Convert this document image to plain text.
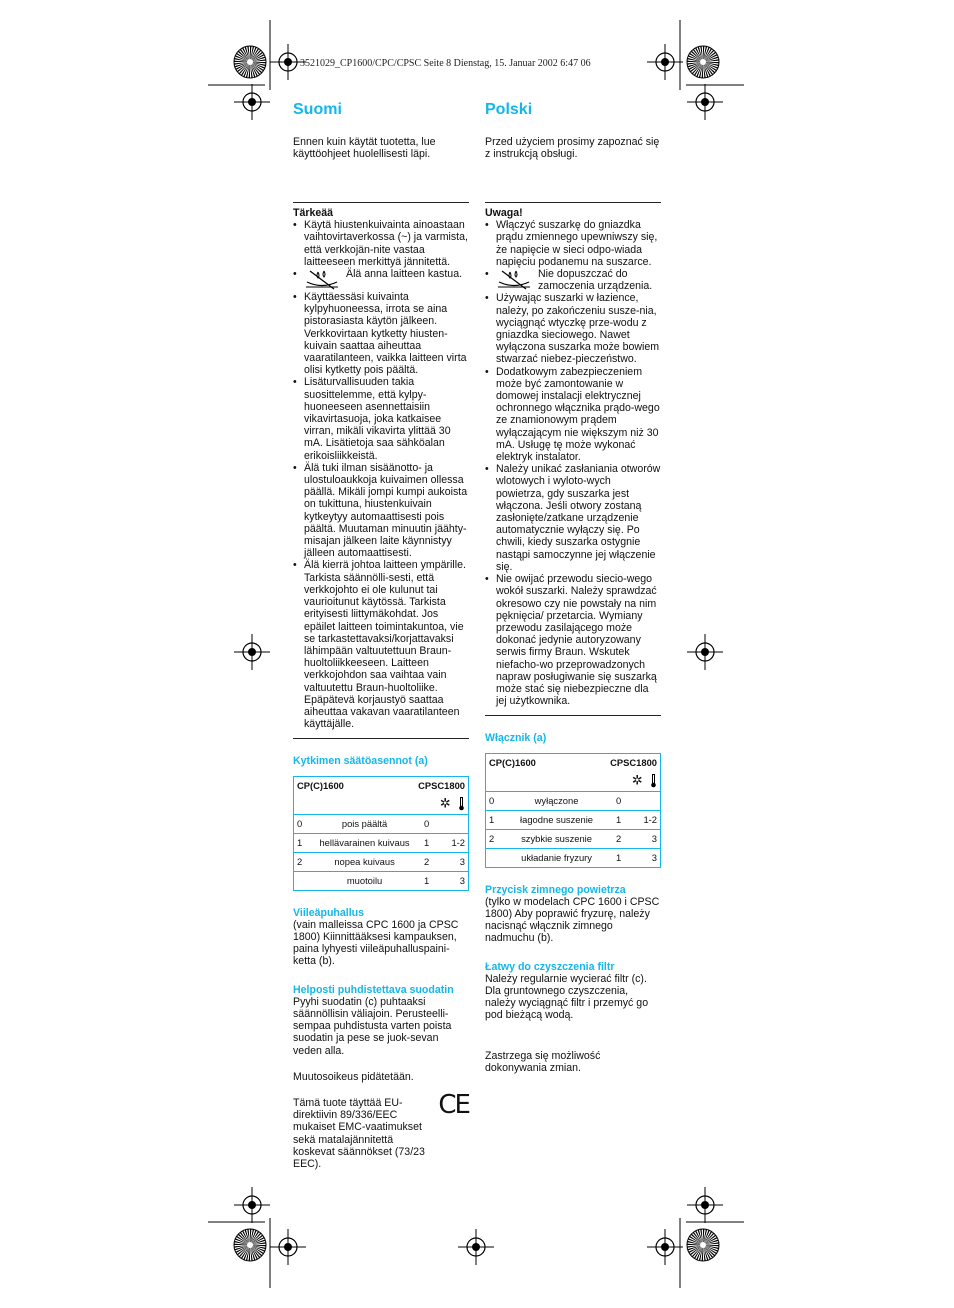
3521029_CP1600/CPC/CPSC Seite 8 Dienstag, 15. Januar 2002 6:47 06
Suomi

Ennen kuin käytät tuotetta, lue käyttöohjeet huolellisesti läpi.

Tärkeää

• Käytä hiustenkuivainta ainoastaan vaihtovirtaverkossa (~) ja varmista, että verkkojän-nite vastaa laitteeseen merkittyä jännitettä.
• Älä anna laitteen kastua.
• Käyttäessäsi kuivainta kylpyhuoneessa, irrota se aina pistorasiasta käytön jälkeen. Verkkovirtaan kytketty hiusten-kuivain saattaa aiheuttaa vaaratilanteen, vaikka laitteen virta olisi kytketty pois päältä.
• Lisäturvallisuuden takia suosittelemme, että kylpy-huoneeseen asennettaisiin vikavirtasuoja, joka katkaisee virran, mikäli vikavirta ylittää 30 mA. Lisätietoja saa sähköalan erikoisliikkeistä.
• Älä tuki ilman sisäänotto- ja ulostuloaukkoja kuivaimen ollessa päällä. Mikäli jompi kumpi aukoista on tukittuna, hiustenkuivain kytkeytyy automaattisesti pois päältä. Muutaman minuutin jäähty-misajan jälkeen laite käynnistyy jälleen automaattisesti.
• Älä kierrä johtoa laitteen ympärille. Tarkista säännölli-sesti, että verkkojohto ei ole kulunut tai vaurioitunut käytössä. Tarkista erityisesti liittymäkohdat. Jos epäilet laitteen toimintakuntoa, vie se tarkastettavaksi/korjattavaksi lähimpään valtuutettuun Braun-huoltoliikkeeseen. Laitteen verkkojohdon saa vaihtaa vain valtuutettu Braun-huoltoliike. Epäpätevä korjaustyö saattaa aiheuttaa vakavan vaaratilanteen käyttäjälle.

Kytkimen säätöasennot (a)

CP(C)1600		CPSC1800	
		✲	
0	pois päältä	0	
1	hellävarainen kuivaus	1	1-2
2	nopea kuivaus	2	3
	muotoilu	1	3

Viileäpuhallus

(vain malleissa CPC 1600 ja CPSC 1800) Kiinnittääksesi kampauksen, paina lyhyesti viileäpuhalluspaini-ketta (b).

Helposti puhdistettava suodatin

Pyyhi suodatin (c) puhtaaksi säännöllisin väliajoin. Perusteelli-sempaa puhdistusta varten poista suodatin ja pese se juok-sevan veden alla.

Muutosoikeus pidätetään.

Tämä tuote täyttää EU-direktiivin 89/336/EEC mukaiset EMC-vaatimukset sekä matalajännitettä koskevat säännökset (73/23 EEC).

CE
Polski

Przed użyciem prosimy zapoznać się z instrukcją obsługi.

Uwaga!

• Włączyć suszarkę do gniazdka prądu zmiennego upewniwszy się, że napięcie w sieci odpo-wiada napięciu podanemu na suszarce.
• Nie dopuszczać do zamoczenia urządzenia.
• Używając suszarki w łazience, należy, po zakończeniu susze-nia, wyciągnąć wtyczkę prze-wodu z gniazdka sieciowego. Nawet wyłączona suszarka może bowiem stwarzać niebez-pieczeństwo.
• Dodatkowym zabezpieczeniem może być zamontowanie w domowej instalacji elektrycznej ochronnego włącznika prądo-wego ze znamionowym prądem wyłączającym nie większym niż 30 mA. Usługę tę może wykonać elektryk instalator.
• Należy unikać zasłaniania otworów wlotowych i wyloto-wych powietrza, gdy suszarka jest włączona. Jeśli otwory zostaną zasłonięte/zatkane urządzenie automatycznie wyłączy się. Po chwili, kiedy suszarka ostygnie nastąpi samoczynne jej włączenie się.
• Nie owijać przewodu siecio-wego wokół suszarki. Należy sprawdzać okresowo czy nie powstały na nim pęknięcia/ przetarcia. Wymiany przewodu zasilającego może dokonać jedynie autoryzowany serwis firmy Braun. Wskutek niefacho-wo przeprowadzonych napraw posługiwanie się suszarką może stać się niebezpieczne dla jej użytkownika.

Włącznik (a)

CP(C)1600		CPSC1800	
		✲	
0	wyłączone	0	
1	łagodne suszenie	1	1-2
2	szybkie suszenie	2	3
	układanie fryzury	1	3

Przycisk zimnego powietrza

(tylko w modelach CPC 1600 i CPSC 1800) Aby poprawić fryzurę, należy nacisnąć włącznik zimnego nadmuchu (b).

Łatwy do czyszczenia filtr

Należy regularnie wycierać filtr (c). Dla gruntownego czyszczenia, należy wyciągnąć filtr i przemyć go pod bieżącą wodą.

Zastrzega się możliwość dokonywania zmian.
